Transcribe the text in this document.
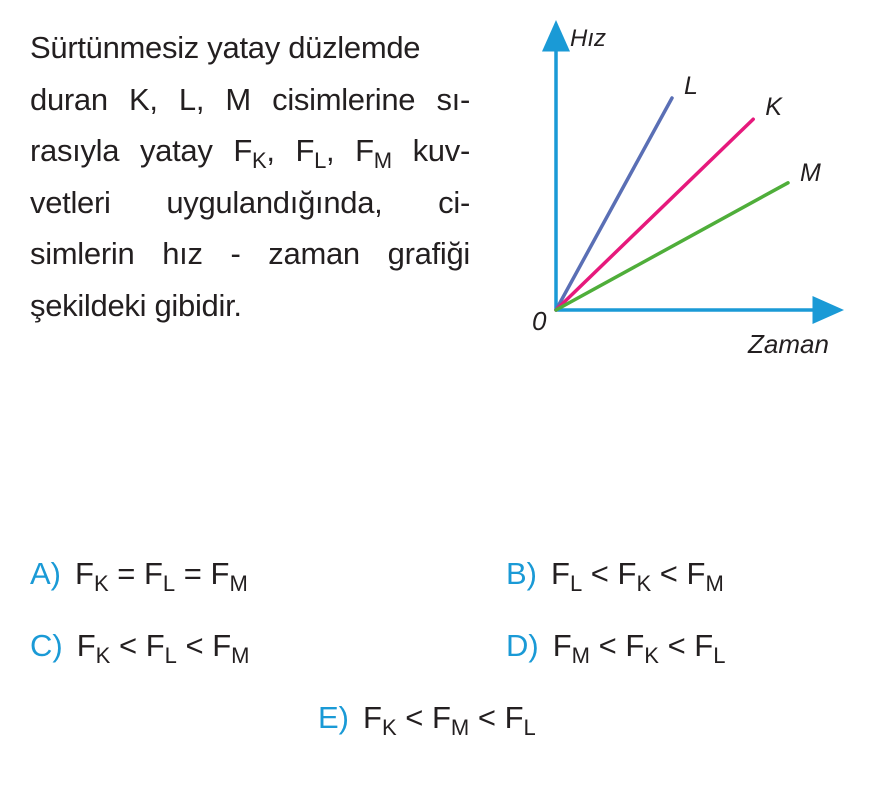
Sürtünmesiz yatay düzlemde
duran K, L, M cisimlerine sı-
rasıyla yatay $F_K$, $F_L$, $F_M$ kuv-
vetleri uygulandığında, ci-
simlerin hız - zaman grafiği
şekildeki gibidir.
Hız
Zaman
0
L
K
M
A) $F_K = F_L = F_M$	B) $F_L < F_K < F_M$
C) $F_K < F_L < F_M$	D) $F_M < F_K < F_L$
E) $F_K < F_M < F_L$
